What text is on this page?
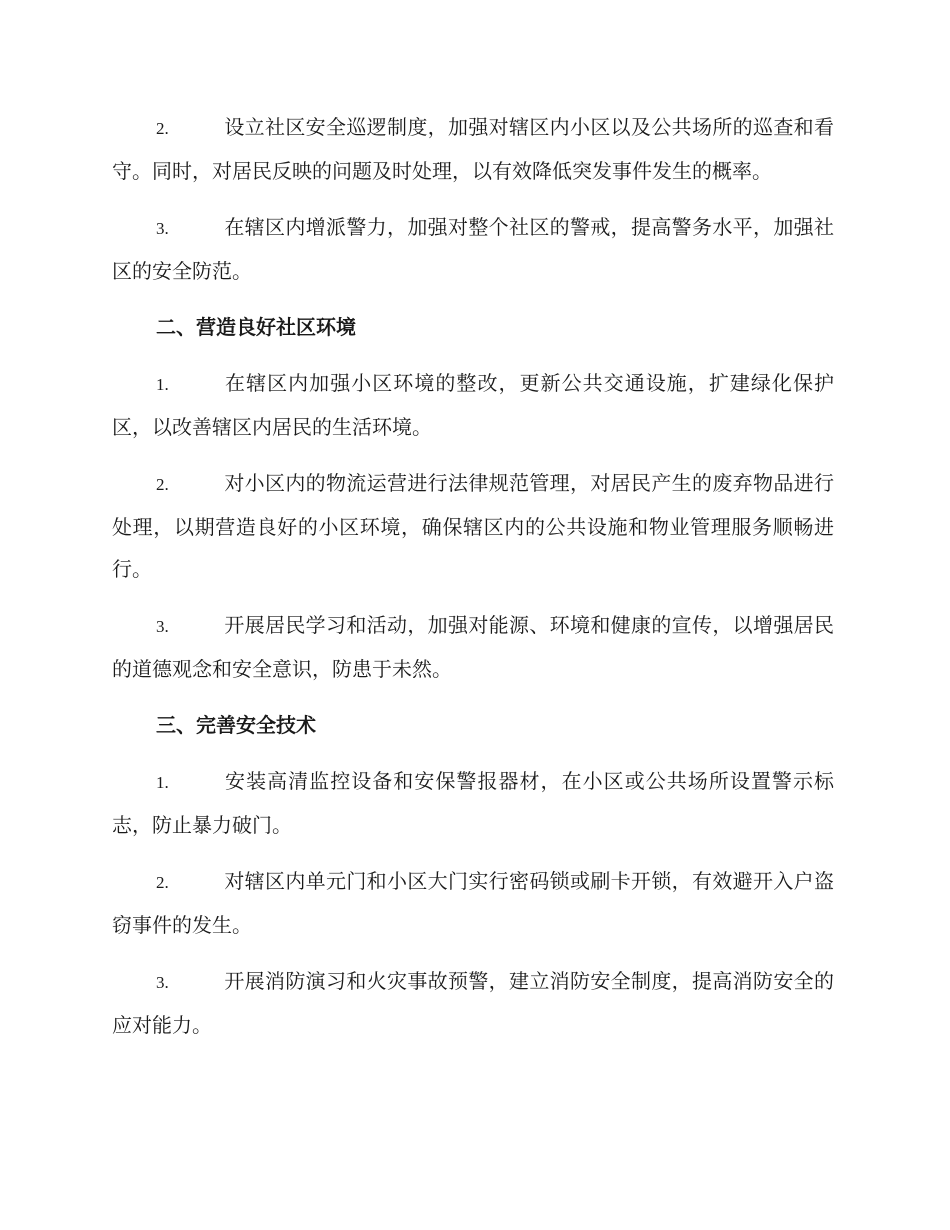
2.	设立社区安全巡逻制度，加强对辖区内小区以及公共场所的巡查和看守。同时，对居民反映的问题及时处理，以有效降低突发事件发生的概率。

3.	在辖区内增派警力，加强对整个社区的警戒，提高警务水平，加强社区的安全防范。

二、营造良好社区环境

1.	在辖区内加强小区环境的整改，更新公共交通设施，扩建绿化保护区，以改善辖区内居民的生活环境。

2.	对小区内的物流运营进行法律规范管理，对居民产生的废弃物品进行处理，以期营造良好的小区环境，确保辖区内的公共设施和物业管理服务顺畅进行。

3.	开展居民学习和活动，加强对能源、环境和健康的宣传，以增强居民的道德观念和安全意识，防患于未然。

三、完善安全技术

1.	安装高清监控设备和安保警报器材，在小区或公共场所设置警示标志，防止暴力破门。

2.	对辖区内单元门和小区大门实行密码锁或刷卡开锁，有效避开入户盗窃事件的发生。

3.	开展消防演习和火灾事故预警，建立消防安全制度，提高消防安全的应对能力。
